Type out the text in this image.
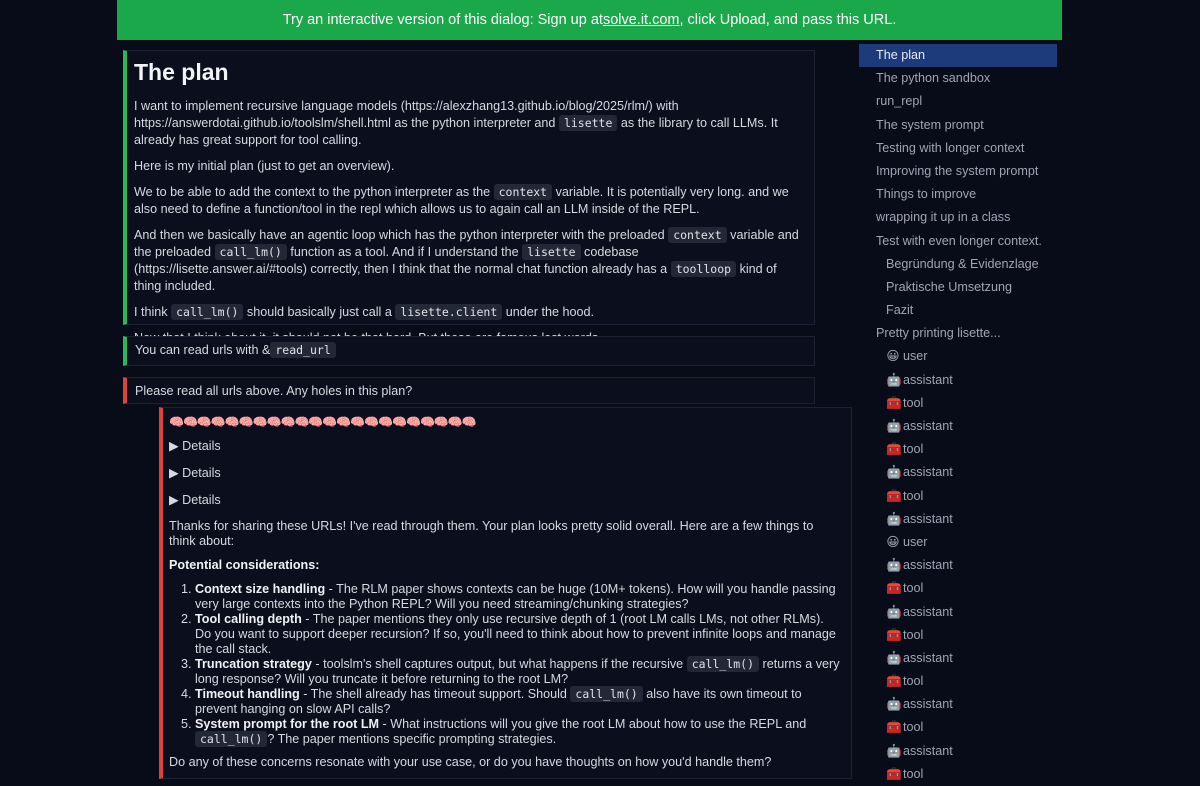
Try an interactive version of this dialog: Sign up at solve.it.com , click Upload, and pass this URL.
The plan

I want to implement recursive language models (https://alexzhang13.github.io/blog/2025/rlm/) with https://answerdotai.github.io/toolslm/shell.html as the python interpreter and lisette as the library to call LLMs. It already has great support for tool calling.

Here is my initial plan (just to get an overview).

We to be able to add the context to the python interpreter as the context variable. It is potentially very long. and we also need to define a function/tool in the repl which allows us to again call an LLM inside of the REPL.

And then we basically have an agentic loop which has the python interpreter with the preloaded context variable and the preloaded call_lm() function as a tool. And if I understand the lisette codebase (https://lisette.answer.ai/#tools) correctly, then I think that the normal chat function already has a toolloop kind of thing included.

I think call_lm() should basically just call a lisette.client under the hood.

You can read urls with & read_url
Please read all urls above. Any holes in this plan?
🧠🧠🧠🧠🧠🧠🧠🧠🧠🧠🧠🧠🧠🧠🧠🧠🧠🧠🧠🧠🧠🧠
▶ Details
▶ Details
▶ Details

Thanks for sharing these URLs! I've read through them. Your plan looks pretty solid overall. Here are a few things to think about:

Potential considerations:

1. Context size handling - The RLM paper shows contexts can be huge (10M+ tokens). How will you handle passing very large contexts into the Python REPL? Will you need streaming/chunking strategies?
2. Tool calling depth - The paper mentions they only use recursive depth of 1 (root LM calls LMs, not other RLMs). Do you want to support deeper recursion? If so, you'll need to think about how to prevent infinite loops and manage the call stack.
3. Truncation strategy - toolslm's shell captures output, but what happens if the recursive call_lm() returns a very long response? Will you truncate it before returning to the root LM?
4. Timeout handling - The shell already has timeout support. Should call_lm() also have its own timeout to prevent hanging on slow API calls?
5. System prompt for the root LM - What instructions will you give the root LM about how to use the REPL and call_lm() ? The paper mentions specific prompting strategies.

Do any of these concerns resonate with your use case, or do you have thoughts on how you'd handle them?

The plan
The python sandbox
run_repl
The system prompt
Testing with longer context
Improving the system prompt
Things to improve
wrapping it up in a class
Test with even longer context.
Begründung & Evidenzlage
Praktische Umsetzung
Fazit
Pretty printing lisette...
😀 user
🤖assistant
🧰tool
🤖assistant
🧰tool
🤖assistant
🧰tool
🤖assistant
😀 user
🤖assistant
🧰tool
🤖assistant
🧰tool
🤖assistant
🧰tool
🤖assistant
🧰tool
🤖assistant
🧰tool
